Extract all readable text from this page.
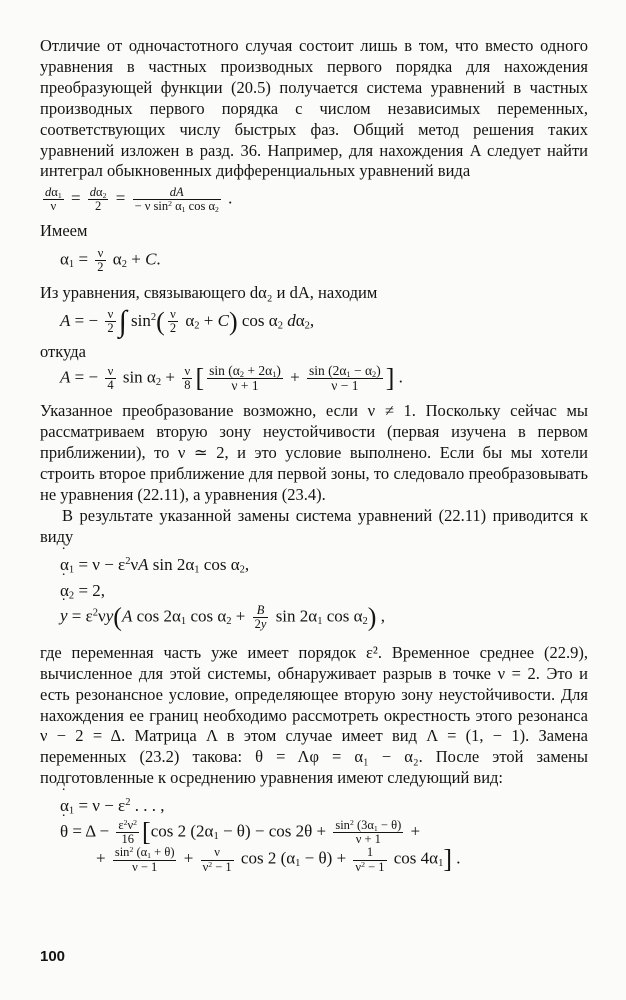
Отличие от одночастотного случая состоит лишь в том, что вместо одного уравнения в частных производных первого порядка для нахождения преобразующей функции (20.5) получается система уравнений в частных производных первого порядка с числом независимых переменных, соответствующих числу быстрых фаз. Общий метод решения таких уравнений изложен в разд. 36. Например, для нахождения A следует найти интеграл обыкновенных дифференциальных уравнений вида

$\frac{d\alpha_1}{\nu} = \frac{d\alpha_2}{2} = \frac{dA}{- \nu \sin^2 \alpha_1 \cos \alpha_2}$ .

Имеем

$\alpha_1 = \frac{\nu}{2} \alpha_2 + C$.

Из уравнения, связывающего dα₂ и dA, находим

A = − $\frac{\nu}{2}$ ∫ $\sin^2( \frac{\nu}{2} \alpha_2 + C)$ $\cos \alpha_2$ $d\alpha_2$,

откуда

A = − $\frac{\nu}{4}$ $\sin \alpha_2 + \frac{\nu}{8}$ [ $\frac{\sin (\alpha_2 + 2\alpha_1)}{\nu + 1} + \frac{\sin (2\alpha_1 - \alpha_2)}{\nu - 1}$ ] .

Указанное преобразование возможно, если ν ≠ 1. Поскольку сейчас мы рассматриваем вторую зону неустойчивости (первая изучена в первом приближении), то ν ≃ 2, и это условие выполнено. Если бы мы хотели строить второе приближение для первой зоны, то следовало преобразовывать не уравнения (22.11), а уравнения (23.4).

В результате указанной замены система уравнений (22.11) приводится к виду

α $˙_1 = \nu - \varepsilon^2\nu A$ $\sin 2\alpha_1$ $\cos \alpha_2$,
α $˙_2 = 2$,
y ˙ = $\varepsilon^2\nu y(A$ $\cos 2\alpha_1$ $\cos \alpha_2 + \frac{B}{2y}$ $\sin 2\alpha_1$ $\cos \alpha_2$) ,

где переменная часть уже имеет порядок ε². Временное среднее (22.9), вычисленное для этой системы, обнаруживает разрыв в точке ν = 2. Это и есть резонансное условие, определяющее вторую зону неустойчивости. Для нахождения ее границ необходимо рассмотреть окрестность этого резонанса ν − 2 = Δ. Матрица Λ в этом случае имеет вид Λ = (1, − 1). Замена переменных (23.2) такова: θ = Λφ = α₁ − α₂. После этой замены подготовленные к осреднению уравнения имеют следующий вид:

α $˙_1 = \nu - \varepsilon^2$ . . . ,
θ ˙ = $\Delta - \frac{\varepsilon^2\nu^2}{16} [\cos$ 2 $(2\alpha_1 - \theta) - \cos 2\theta + \frac{\sin^2 (3\alpha_1 - \theta)}{\nu + 1}$ +
+ $\frac{\sin^2 (\alpha_1 + \theta)}{\nu - 1} + \frac{\nu}{\nu^2 - 1}$ cos 2 $(\alpha_1 - \theta) + \frac{1}{\nu^2 - 1}$ $\cos 4\alpha_1$] .
100
